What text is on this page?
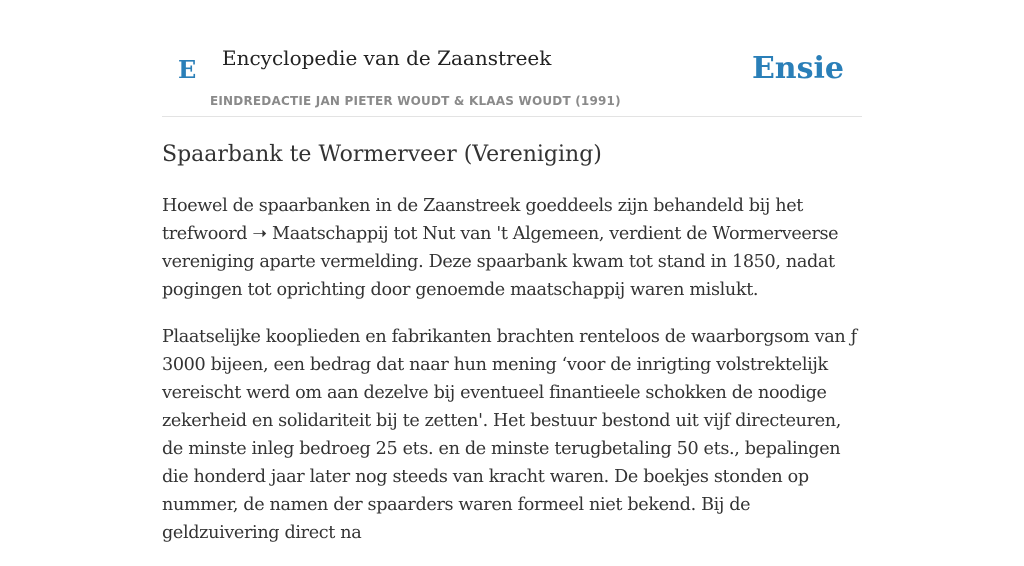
E Encyclopedie van de Zaanstreek	Ensie
EINDREDACTIE JAN PIETER WOUDT & KLAAS WOUDT (1991)
Spaarbank te Wormerveer (Vereniging)

Hoewel de spaarbanken in de Zaanstreek goeddeels zijn behandeld bij het trefwoord ➝ Maatschappij tot Nut van 't Algemeen, verdient de Wormerveerse vereniging aparte vermelding. Deze spaarbank kwam tot stand in 1850, nadat pogingen tot oprichting door genoemde maatschappij waren mislukt.

Plaatselijke kooplieden en fabrikanten brachten renteloos de waarborgsom van ƒ 3000 bijeen, een bedrag dat naar hun mening ‘voor de inrigting volstrektelijk vereischt werd om aan dezelve bij eventueel finantieele schokken de noodige zekerheid en solidariteit bij te zetten'. Het bestuur bestond uit vijf directeuren, de minste inleg bedroeg 25 ets. en de minste terugbetaling 50 ets., bepalingen die honderd jaar later nog steeds van kracht waren. De boekjes stonden op nummer, de namen der spaarders waren formeel niet bekend. Bij de geldzuivering direct na
